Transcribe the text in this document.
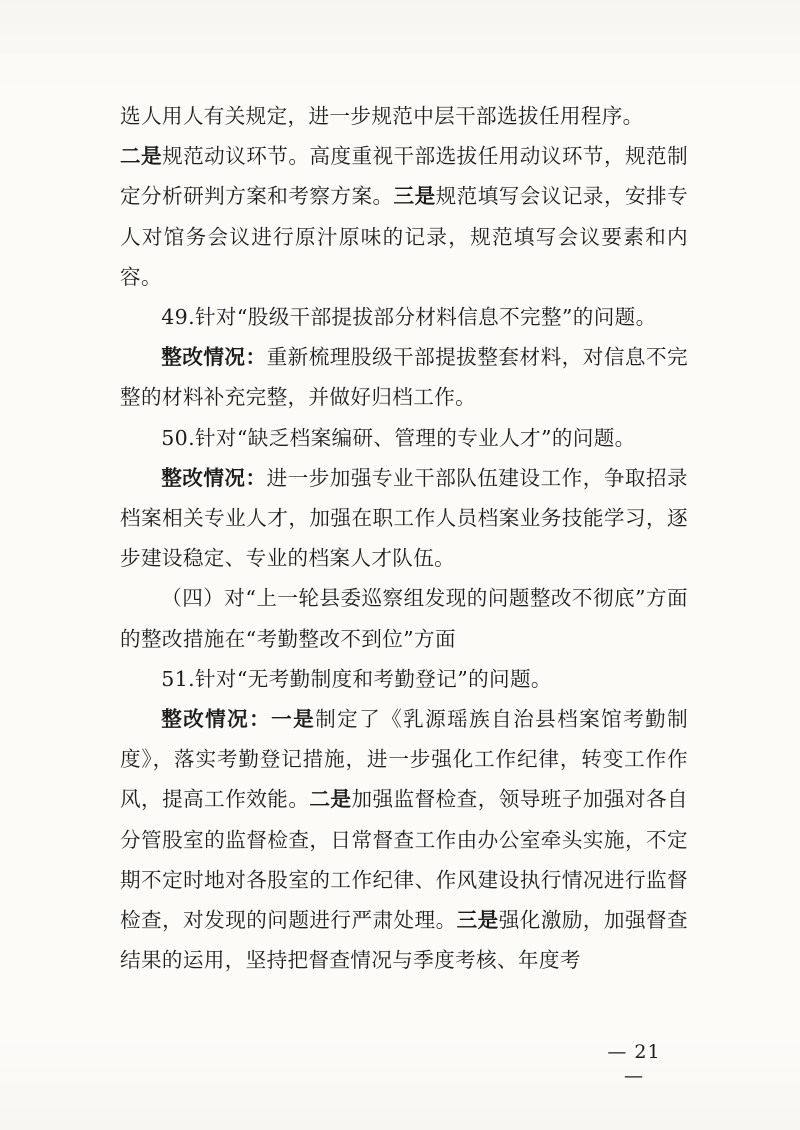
选人用人有关规定，进一步规范中层干部选拔任用程序。

二是规范动议环节。高度重视干部选拔任用动议环节，规范制定分析研判方案和考察方案。三是规范填写会议记录，安排专人对馆务会议进行原汁原味的记录，规范填写会议要素和内容。

49.针对“股级干部提拔部分材料信息不完整”的问题。

整改情况：重新梳理股级干部提拔整套材料，对信息不完整的材料补充完整，并做好归档工作。

50.针对“缺乏档案编研、管理的专业人才”的问题。

整改情况：进一步加强专业干部队伍建设工作，争取招录档案相关专业人才，加强在职工作人员档案业务技能学习，逐步建设稳定、专业的档案人才队伍。

（四）对“上一轮县委巡察组发现的问题整改不彻底”方面的整改措施在“考勤整改不到位”方面

51.针对“无考勤制度和考勤登记”的问题。

整改情况：一是制定了《乳源瑶族自治县档案馆考勤制度》，落实考勤登记措施，进一步强化工作纪律，转变工作作风，提高工作效能。二是加强监督检查，领导班子加强对各自分管股室的监督检查，日常督查工作由办公室牵头实施，不定期不定时地对各股室的工作纪律、作风建设执行情况进行监督检查，对发现的问题进行严肃处理。三是强化激励，加强督查结果的运用，坚持把督查情况与季度考核、年度考

— 21 —
